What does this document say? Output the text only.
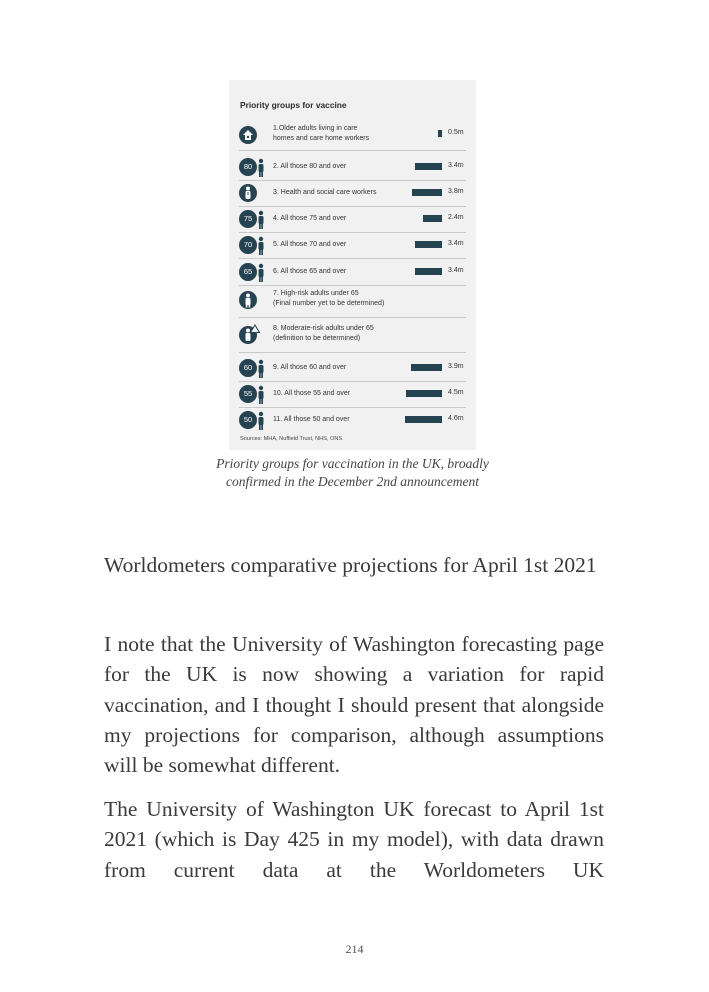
Priority groups for vaccine
1.Older adults living in care
homes and care home workers
0.5m
80	2. All those 80 and over	3.4m
3. Health and social care workers	3.8m
75	4. All those 75 and over	2.4m
70	5. All those 70 and over	3.4m
65	6. All those 65 and over	3.4m
7. High-risk adults under 65
(Final number yet to be determined)
8. Moderate-risk adults under 65
(definition to be determined)
60	9. All those 60 and over	3.9m
55	10. All those 55 and over	4.5m
50	11. All those 50 and over	4.6m
Sources: MHA, Nuffield Trust, NHS, ONS
Priority groups for vaccination in the UK, broadly confirmed in the December 2nd announcement

Worldometers comparative projections for April 1st 2021

I note that the University of Washington forecasting page for the UK is now showing a variation for rapid vaccination, and I thought I should present that alongside my projections for comparison, although assumptions will be somewhat different.

The University of Washington UK forecast to April 1st 2021 (which is Day 425 in my model), with data drawn from current data at the Worldometers UK

214
